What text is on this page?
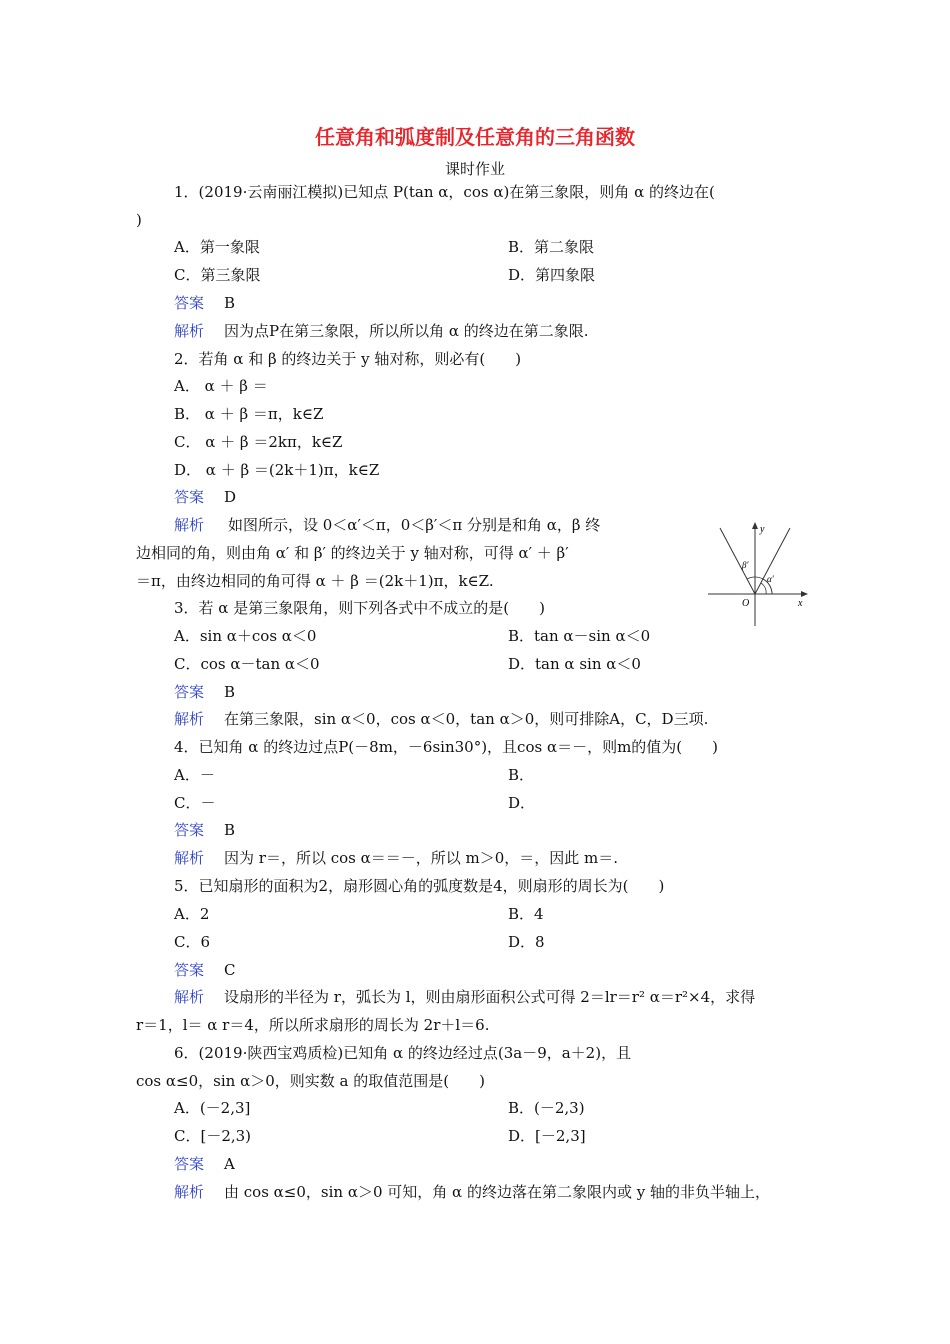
任意角和弧度制及任意角的三角函数
课时作业
1．(2019·云南丽江模拟)已知点 P(tan α，cos α)在第三象限，则角 α 的终边在(
)
A．第一象限	B．第二象限
C．第三象限	D．第四象限
答案 B
解析 因为点P在第三象限，所以所以角 α 的终边在第二象限.
2．若角 α 和 β 的终边关于 y 轴对称，则必有(　　)
A． α ＋ β ＝
B． α ＋ β ＝π，k∈Z
C． α ＋ β ＝2kπ，k∈Z
D． α ＋ β ＝(2k＋1)π，k∈Z
答案 D
解析 如图所示，设 0＜α′＜π，0＜β′＜π 分别是和角 α，β 终
边相同的角，则由角 α′ 和 β′ 的终边关于 y 轴对称，可得 α′ ＋ β′
＝π，由终边相同的角可得 α ＋ β ＝(2k＋1)π，k∈Z.
y
x
O
β′
α′
3．若 α 是第三象限角，则下列各式中不成立的是(　　)
A．sin α＋cos α＜0	B．tan α－sin α＜0
C．cos α－tan α＜0	D．tan α sin α＜0
答案 B
解析 在第三象限，sin α＜0，cos α＜0，tan α＞0，则可排除A，C，D三项.
4．已知角 α 的终边过点P(－8m，－6sin30°)，且cos α＝－，则m的值为(　　)
A．－	B．
C．－	D．
答案 B
解析 因为 r＝，所以 cos α＝＝－，所以 m＞0，＝，因此 m＝.
5．已知扇形的面积为2，扇形圆心角的弧度数是4，则扇形的周长为(　　)
A．2	B．4
C．6	D．8
答案 C
解析 设扇形的半径为 r，弧长为 l，则由扇形面积公式可得 2＝lr＝r² α＝r²×4，求得
r＝1，l＝ α r＝4，所以所求扇形的周长为 2r＋l＝6.
6．(2019·陕西宝鸡质检)已知角 α 的终边经过点(3a－9，a＋2)，且
cos α≤0，sin α＞0，则实数 a 的取值范围是(　　)
A．(－2,3]	B．(－2,3)
C．[－2,3)	D．[－2,3]
答案 A
解析 由 cos α≤0，sin α＞0 可知，角 α 的终边落在第二象限内或 y 轴的非负半轴上，
